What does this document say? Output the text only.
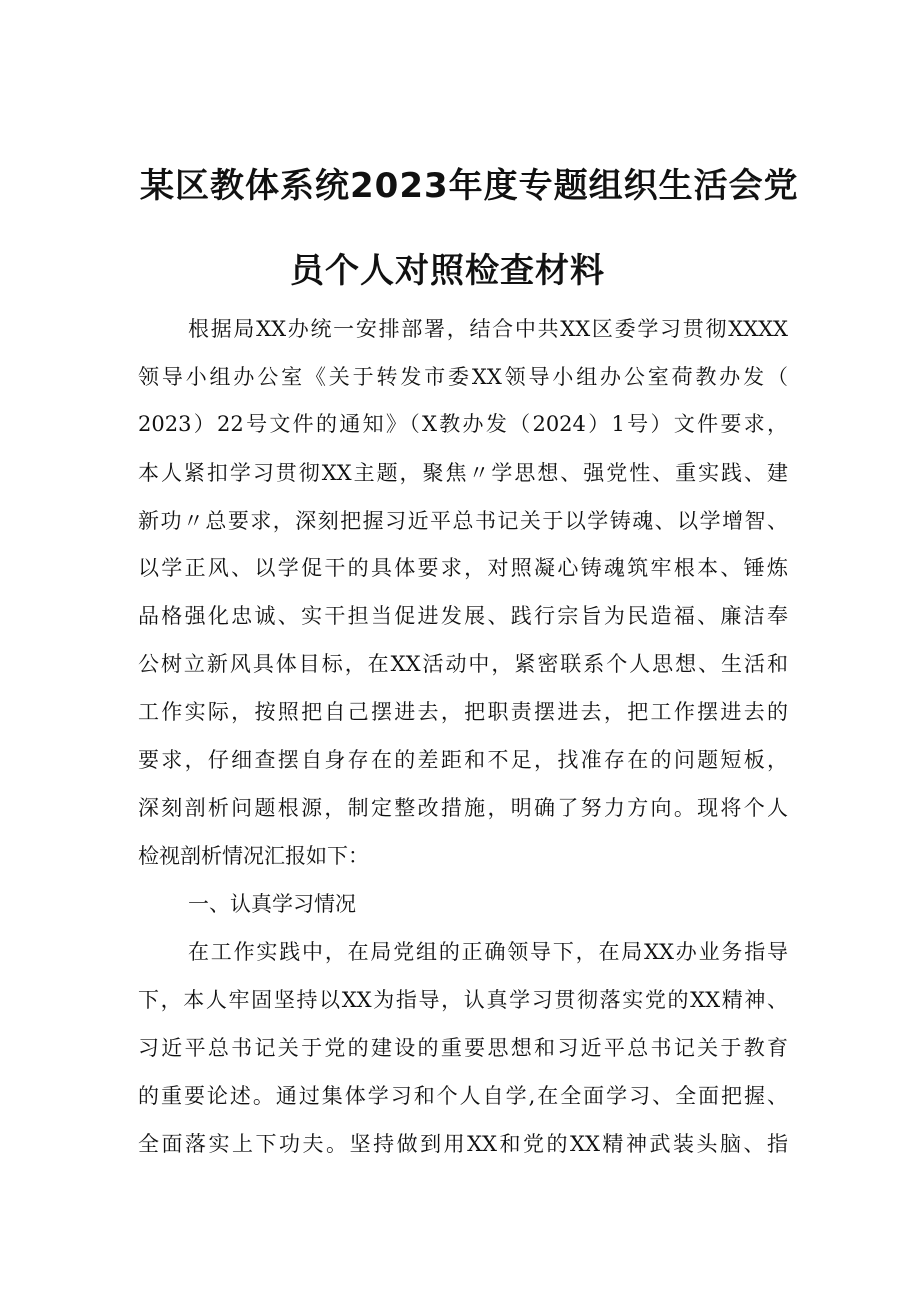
某区教体系统2023年度专题组织生活会党
员个人对照检查材料
根据局XX办统一安排部署，结合中共XX区委学习贯彻XXXX
领导小组办公室《关于转发市委XX领导小组办公室荷教办发（
2023）22号文件的通知》（X教办发（2024）1号）文件要求，
本人紧扣学习贯彻XX主题，聚焦〃学思想、强党性、重实践、建
新功〃总要求，深刻把握习近平总书记关于以学铸魂、以学增智、
以学正风、以学促干的具体要求，对照凝心铸魂筑牢根本、锤炼
品格强化忠诚、实干担当促进发展、践行宗旨为民造福、廉洁奉
公树立新风具体目标，在XX活动中，紧密联系个人思想、生活和
工作实际，按照把自己摆进去，把职责摆进去，把工作摆进去的
要求，仔细查摆自身存在的差距和不足，找准存在的问题短板，
深刻剖析问题根源，制定整改措施，明确了努力方向。现将个人
检视剖析情况汇报如下：
一、认真学习情况
在工作实践中，在局党组的正确领导下，在局XX办业务指导
下，本人牢固坚持以XX为指导，认真学习贯彻落实党的XX精神、
习近平总书记关于党的建设的重要思想和习近平总书记关于教育
的重要论述。通过集体学习和个人自学,在全面学习、全面把握、
全面落实上下功夫。坚持做到用XX和党的XX精神武装头脑、指
